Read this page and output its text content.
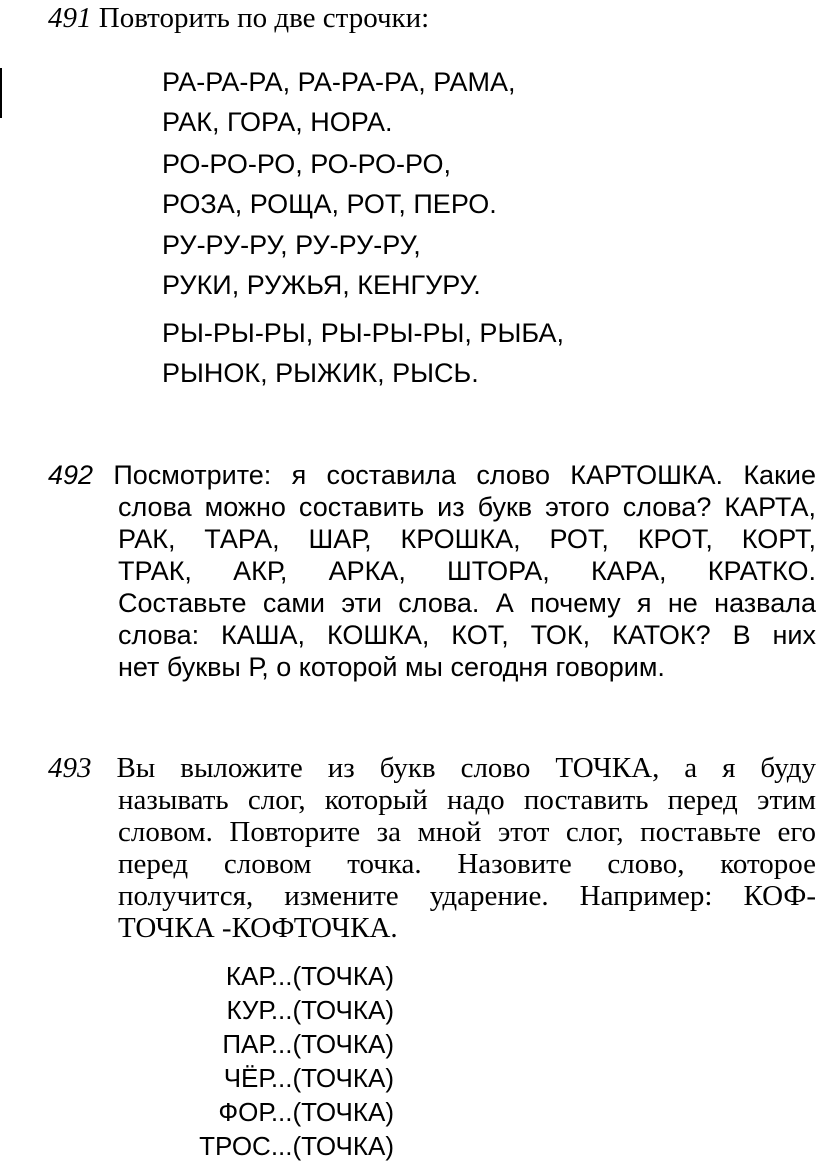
491 Повторить по две строчки:
РА-РА-РА, РА-РА-РА, РАМА,
РАК, ГОРА, НОРА.
РО-РО-РО, РО-РО-РО,
РОЗА, РОЩА, РОТ, ПЕРО.
РУ-РУ-РУ, РУ-РУ-РУ,
РУКИ, РУЖЬЯ, КЕНГУРУ.
РЫ-РЫ-РЫ, РЫ-РЫ-РЫ, РЫБА,
РЫНОК, РЫЖИК, РЫСЬ.
492 Посмотрите: я составила слово КАРТОШКА. Какие
слова можно составить из букв этого слова? КАРТА,
РАК, ТАРА, ШАР, КРОШКА, РОТ, КРОТ, КОРТ,
ТРАК, АКР, АРКА, ШТОРА, КАРА, КРАТКО.
Составьте сами эти слова. А почему я не назвала
слова: КАША, КОШКА, КОТ, ТОК, КАТОК? В них
нет буквы Р, о которой мы сегодня говорим.
493 Вы выложите из букв слово ТОЧКА, а я буду
называть слог, который надо поставить перед этим
словом. Повторите за мной этот слог, поставьте его
перед словом точка. Назовите слово, которое
получится, измените ударение. Например: КОФ-
ТОЧКА -КОФТОЧКА.
КАР...(ТОЧКА)
КУР...(ТОЧКА)
ПАР...(ТОЧКА)
ЧЁР...(ТОЧКА)
ФОР...(ТОЧКА)
ТРОС...(ТОЧКА)
